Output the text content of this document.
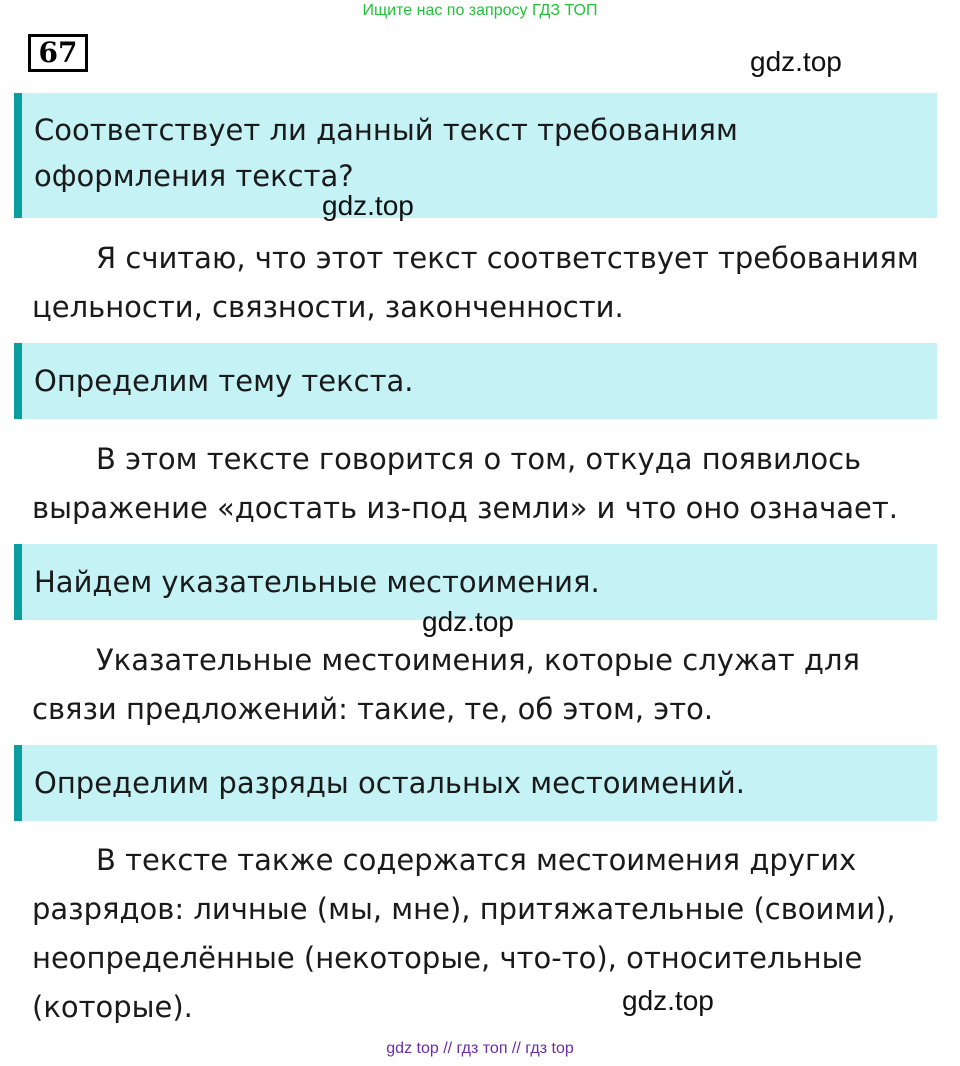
Ищите нас по запросу ГДЗ ТОП
67	gdz.top
Соответствует ли данный текст требованиям оформления текста?
gdz.top

Я считаю, что этот текст соответствует требованиям цельности, связности, законченности.

Определим тему текста.

В этом тексте говорится о том, откуда появилось выражение «достать из-под земли» и что оно означает.

Найдем указательные местоимения.
gdz.top

Указательные местоимения, которые служат для связи предложений: такие, те, об этом, это.

Определим разряды остальных местоимений.

В тексте также содержатся местоимения других разрядов: личные (мы, мне), притяжательные (своими), неопределённые (некоторые, что-то), относительные (которые).	gdz.top
gdz top // гдз топ // гдз top
